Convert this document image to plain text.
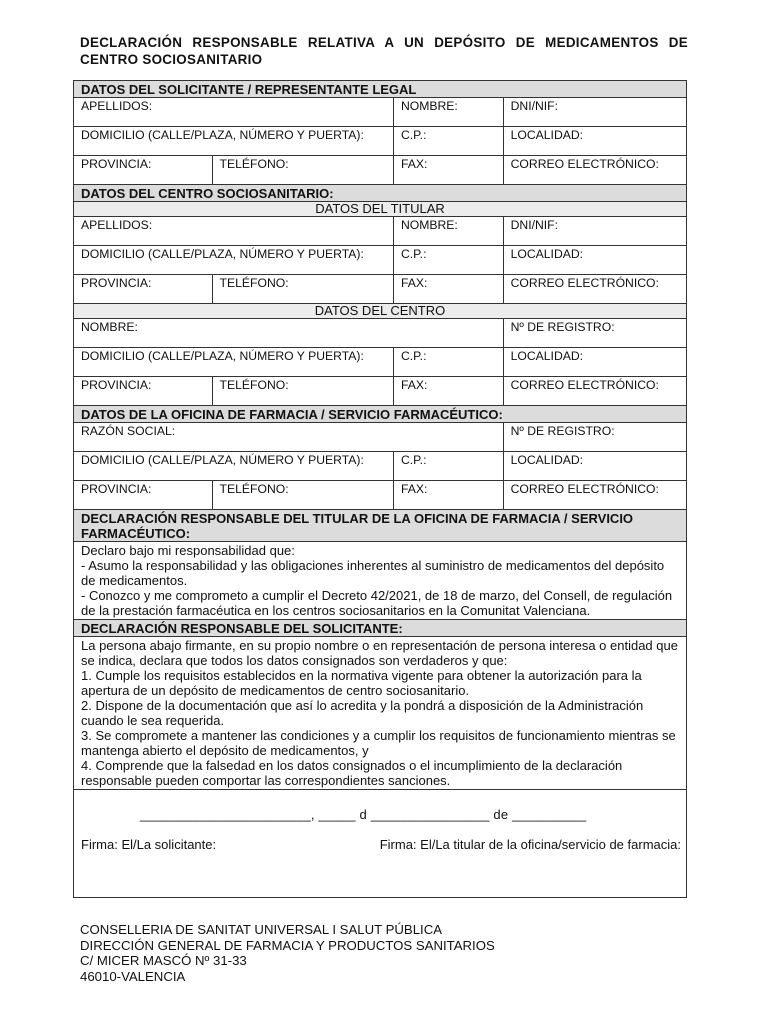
DECLARACIÓN RESPONSABLE RELATIVA A UN DEPÓSITO DE MEDICAMENTOS DE CENTRO SOCIOSANITARIO
DATOS DEL SOLICITANTE / REPRESENTANTE LEGAL
APELLIDOS:	NOMBRE:	DNI/NIF:
DOMICILIO (CALLE/PLAZA, NÚMERO Y PUERTA):	C.P.:	LOCALIDAD:
PROVINCIA:	TELÉFONO:	FAX:	CORREO ELECTRÓNICO:
DATOS DEL CENTRO SOCIOSANITARIO:
DATOS DEL TITULAR
APELLIDOS:	NOMBRE:	DNI/NIF:
DOMICILIO (CALLE/PLAZA, NÚMERO Y PUERTA):	C.P.:	LOCALIDAD:
PROVINCIA:	TELÉFONO:	FAX:	CORREO ELECTRÓNICO:
DATOS DEL CENTRO
NOMBRE:	Nº DE REGISTRO:
DOMICILIO (CALLE/PLAZA, NÚMERO Y PUERTA):	C.P.:	LOCALIDAD:
PROVINCIA:	TELÉFONO:	FAX:	CORREO ELECTRÓNICO:
DATOS DE LA OFICINA DE FARMACIA / SERVICIO FARMACÉUTICO:
RAZÓN SOCIAL:	Nº DE REGISTRO:
DOMICILIO (CALLE/PLAZA, NÚMERO Y PUERTA):	C.P.:	LOCALIDAD:
PROVINCIA:	TELÉFONO:	FAX:	CORREO ELECTRÓNICO:
DECLARACIÓN RESPONSABLE DEL TITULAR DE LA OFICINA DE FARMACIA / SERVICIO FARMACÉUTICO:

Declaro bajo mi responsabilidad que:

- Asumo la responsabilidad y las obligaciones inherentes al suministro de medicamentos del depósito de medicamentos.

- Conozco y me comprometo a cumplir el Decreto 42/2021, de 18 de marzo, del Consell, de regulación de la prestación farmacéutica en los centros sociosanitarios en la Comunitat Valenciana.

DECLARACIÓN RESPONSABLE DEL SOLICITANTE:

La persona abajo firmante, en su propio nombre o en representación de persona interesa o entidad que se indica, declara que todos los datos consignados son verdaderos y que:

1. Cumple los requisitos establecidos en la normativa vigente para obtener la autorización para la apertura de un depósito de medicamentos de centro sociosanitario.

2. Dispone de la documentación que así lo acredita y la pondrá a disposición de la Administración cuando le sea requerida.

3. Se compromete a mantener las condiciones y a cumplir los requisitos de funcionamiento mientras se mantenga abierto el depósito de medicamentos, y

4. Comprende que la falsedad en los datos consignados o el incumplimiento de la declaración responsable pueden comportar las correspondientes sanciones.

_______________________, _____ d ________________ de __________
Firma: El/La solicitante:	Firma: El/La titular de la oficina/servicio de farmacia:
CONSELLERIA DE SANITAT UNIVERSAL I SALUT PÚBLICA
DIRECCIÓN GENERAL DE FARMACIA Y PRODUCTOS SANITARIOS
C/ MICER MASCÓ Nº 31-33
46010-VALENCIA
